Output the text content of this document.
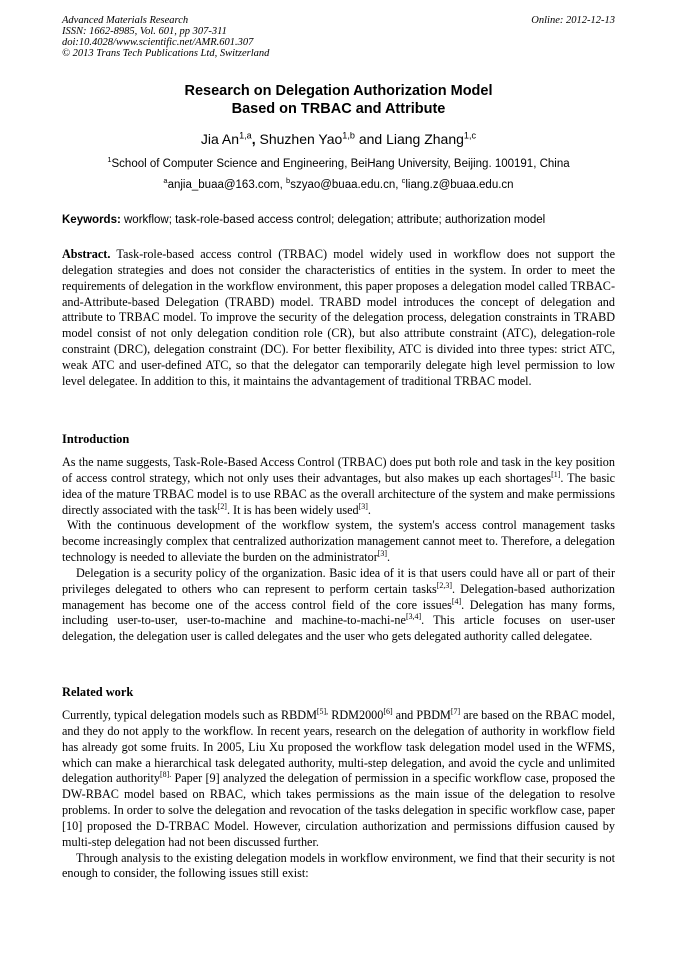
Advanced Materials Research
ISSN: 1662-8985, Vol. 601, pp 307-311
doi:10.4028/www.scientific.net/AMR.601.307
© 2013 Trans Tech Publications Ltd, Switzerland
Online: 2012-12-13
Research on Delegation Authorization Model
Based on TRBAC and Attribute
Jia An$^{1,a}$, Shuzhen Yao$^{1,b}$ and Liang Zhang$^{1,c}$
$^1$School of Computer Science and Engineering, BeiHang University, Beijing. 100191, China
$^a$anjia_buaa@163.com, $^b$szyao@buaa.edu.cn, $^c$liang.z@buaa.edu.cn
Keywords: workflow; task-role-based access control; delegation; attribute; authorization model

Abstract. Task-role-based access control (TRBAC) model widely used in workflow does not support the delegation strategies and does not consider the characteristics of entities in the system. In order to meet the requirements of delegation in the workflow environment, this paper proposes a delegation model called TRBAC-and-Attribute-based Delegation (TRABD) model. TRABD model introduces the concept of delegation and attribute to TRBAC model. To improve the security of the delegation process, delegation constraints in TRABD model consist of not only delegation condition role (CR), but also attribute constraint (ATC), delegation-role constraint (DRC), delegation constraint (DC). For better flexibility, ATC is divided into three types: strict ATC, weak ATC and user-defined ATC, so that the delegator can temporarily delegate high level permission to low level delegatee. In addition to this, it maintains the advantagement of traditional TRBAC model.

Introduction

As the name suggests, Task-Role-Based Access Control (TRBAC) does put both role and task in the key position of access control strategy, which not only uses their advantages, but also makes up each shortages[1]. The basic idea of the mature TRBAC model is to use RBAC as the overall architecture of the system and make permissions directly associated with the task[2]. It is has been widely used[3].

With the continuous development of the workflow system, the system's access control management tasks become increasingly complex that centralized authorization management cannot meet to. Therefore, a delegation technology is needed to alleviate the burden on the administrator[3].

Delegation is a security policy of the organization. Basic idea of it is that users could have all or part of their privileges delegated to others who can represent to perform certain tasks[2,3]. Delegation-based authorization management has become one of the access control field of the core issues[4]. Delegation has many forms, including user-to-user, user-to-machine and machine-to-machi-ne[3,4]. This article focuses on user-user delegation, the delegation user is called delegates and the user who gets delegated authority called delegatee.

Related work

Currently, typical delegation models such as $RBDM^{[5],}$ RDM2000[6] and PBDM[7] are based on the RBAC model, and they do not apply to the workflow. In recent years, research on the delegation of authority in workflow field has already got some fruits. In 2005, Liu Xu proposed the workflow task delegation model used in the WFMS, which can make a hierarchical task delegated authority, multi-step delegation, and avoid the cycle and unlimited delegation authority$^{[8].}$ Paper [9] analyzed the delegation of permission in a specific workflow case, proposed the DW-RBAC model based on RBAC, which takes permissions as the main issue of the delegation to resolve problems. In order to solve the delegation and revocation of the tasks delegation in specific workflow case, paper [10] proposed the D-TRBAC Model. However, circulation authorization and permissions diffusion caused by multi-step delegation had not been discussed further.

Through analysis to the existing delegation models in workflow environment, we find that their security is not enough to consider, the following issues still exist:
